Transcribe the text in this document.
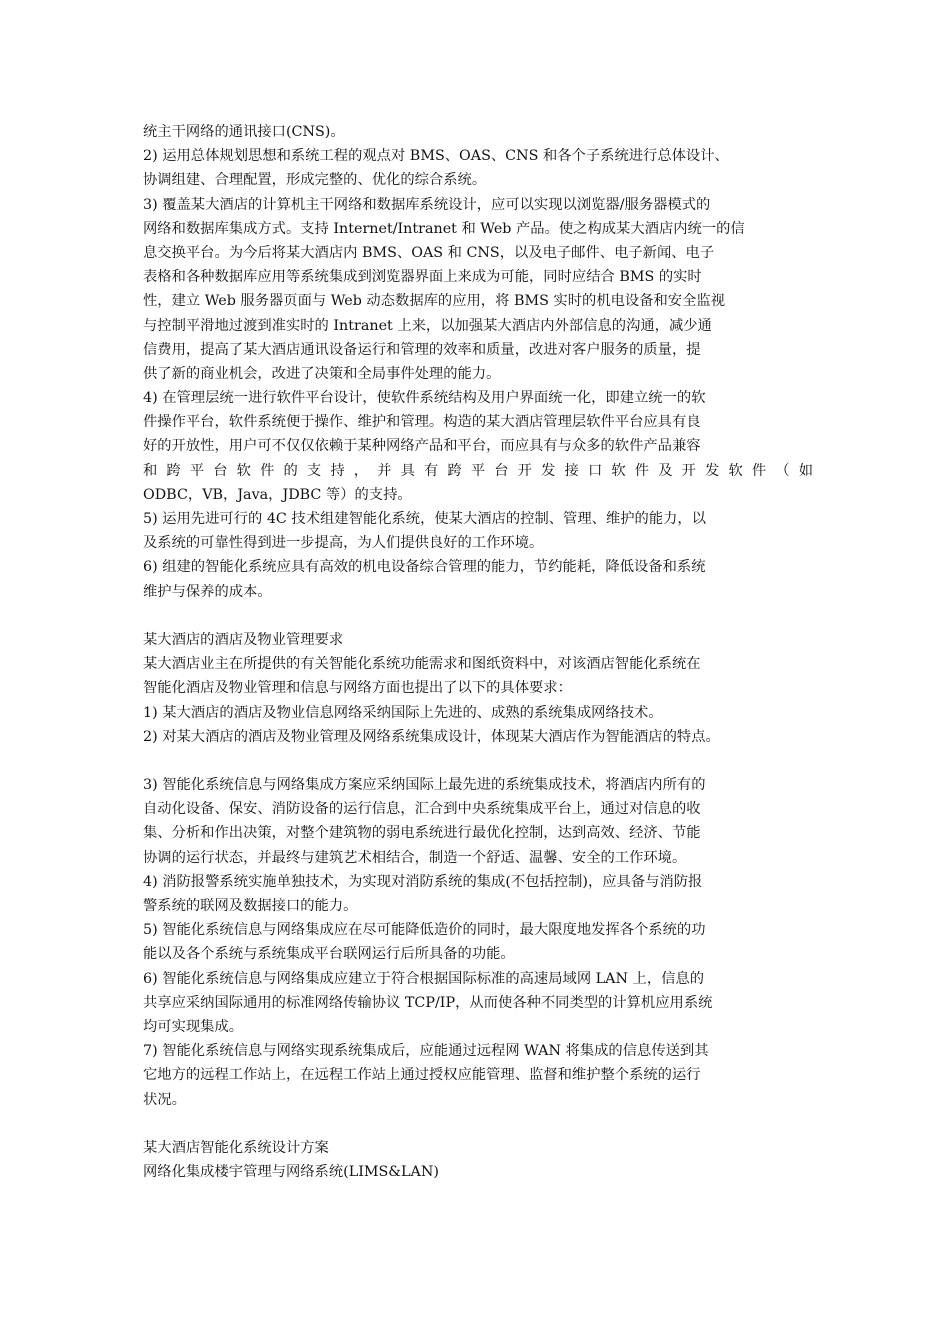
统主干网络的通讯接口(CNS)。

2) 运用总体规划思想和系统工程的观点对 BMS、OAS、CNS 和各个子系统进行总体设计、

协调组建、合理配置，形成完整的、优化的综合系统。

3) 覆盖某大酒店的计算机主干网络和数据库系统设计，应可以实现以浏览器/服务器模式的

网络和数据库集成方式。支持 Internet/Intranet 和 Web 产品。使之构成某大酒店内统一的信

息交换平台。为今后将某大酒店内 BMS、OAS 和 CNS，以及电子邮件、电子新闻、电子

表格和各种数据库应用等系统集成到浏览器界面上来成为可能，同时应结合 BMS 的实时

性，建立 Web 服务器页面与 Web 动态数据库的应用，将 BMS 实时的机电设备和安全监视

与控制平滑地过渡到准实时的 Intranet 上来，以加强某大酒店内外部信息的沟通，减少通

信费用，提高了某大酒店通讯设备运行和管理的效率和质量，改进对客户服务的质量，提

供了新的商业机会，改进了决策和全局事件处理的能力。

4) 在管理层统一进行软件平台设计，使软件系统结构及用户界面统一化，即建立统一的软

件操作平台，软件系统便于操作、维护和管理。构造的某大酒店管理层软件平台应具有良

好的开放性，用户可不仅仅依赖于某种网络产品和平台，而应具有与众多的软件产品兼容

和跨平台软件的支持，并具有跨平台开发接口软件及开发软件（如

ODBC，VB，Java，JDBC 等）的支持。

5) 运用先进可行的 4C 技术组建智能化系统，使某大酒店的控制、管理、维护的能力，以

及系统的可靠性得到进一步提高，为人们提供良好的工作环境。

6) 组建的智能化系统应具有高效的机电设备综合管理的能力，节约能耗，降低设备和系统

维护与保养的成本。

某大酒店的酒店及物业管理要求

某大酒店业主在所提供的有关智能化系统功能需求和图纸资料中，对该酒店智能化系统在

智能化酒店及物业管理和信息与网络方面也提出了以下的具体要求：

1) 某大酒店的酒店及物业信息网络采纳国际上先进的、成熟的系统集成网络技术。

2) 对某大酒店的酒店及物业管理及网络系统集成设计，体现某大酒店作为智能酒店的特点。

3) 智能化系统信息与网络集成方案应采纳国际上最先进的系统集成技术，将酒店内所有的

自动化设备、保安、消防设备的运行信息，汇合到中央系统集成平台上，通过对信息的收

集、分析和作出决策，对整个建筑物的弱电系统进行最优化控制，达到高效、经济、节能

协调的运行状态，并最终与建筑艺术相结合，制造一个舒适、温馨、安全的工作环境。

4) 消防报警系统实施单独技术，为实现对消防系统的集成(不包括控制)，应具备与消防报

警系统的联网及数据接口的能力。

5) 智能化系统信息与网络集成应在尽可能降低造价的同时，最大限度地发挥各个系统的功

能以及各个系统与系统集成平台联网运行后所具备的功能。

6) 智能化系统信息与网络集成应建立于符合根据国际标准的高速局域网 LAN 上，信息的

共享应采纳国际通用的标准网络传输协议 TCP/IP，从而使各种不同类型的计算机应用系统

均可实现集成。

7) 智能化系统信息与网络实现系统集成后，应能通过远程网 WAN 将集成的信息传送到其

它地方的远程工作站上，在远程工作站上通过授权应能管理、监督和维护整个系统的运行

状况。

某大酒店智能化系统设计方案

网络化集成楼宇管理与网络系统(LIMS&LAN)
